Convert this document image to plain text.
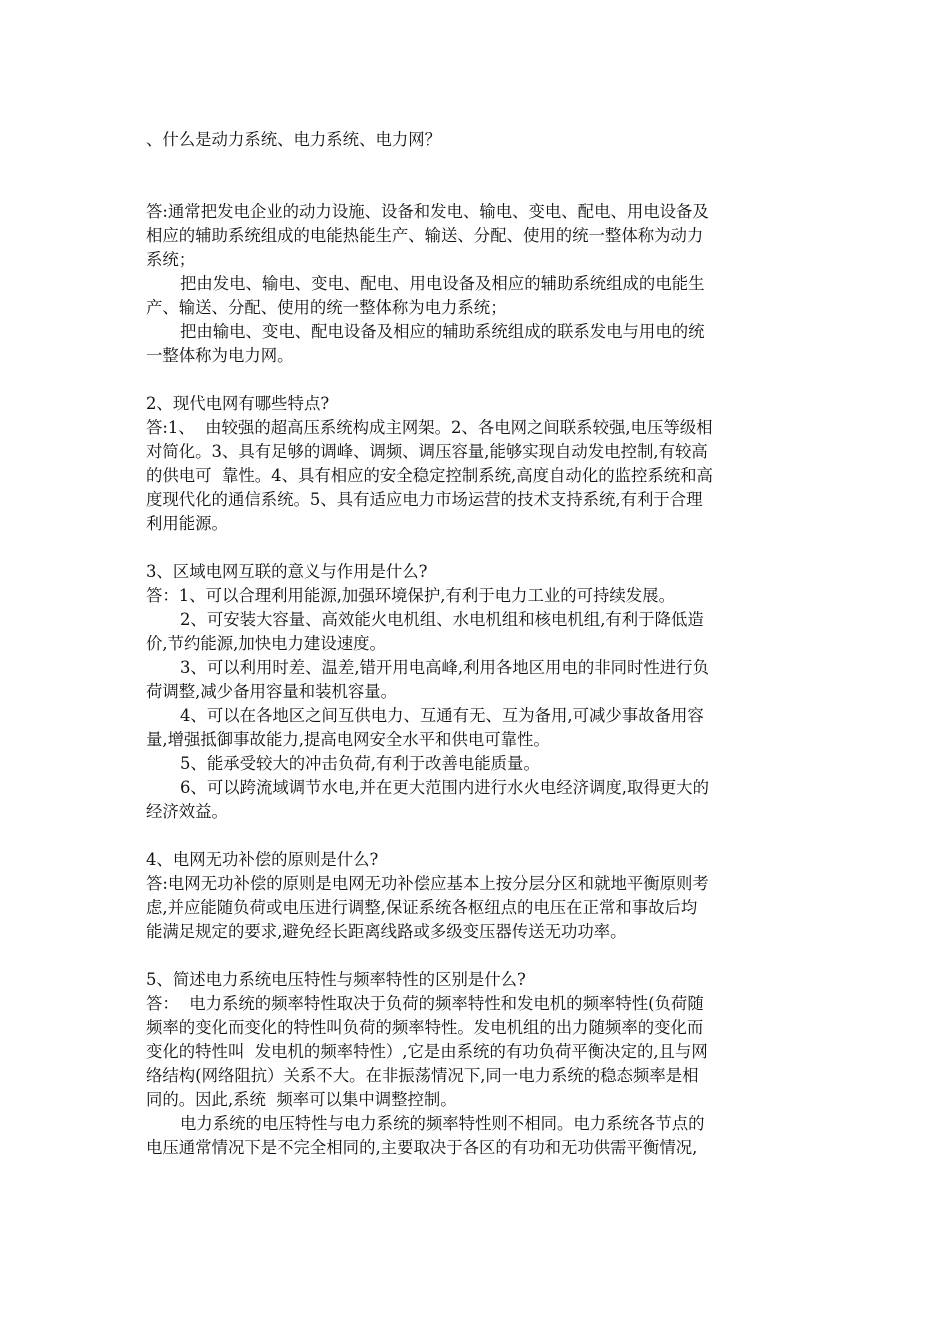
、什么是动力系统、电力系统、电力网？

答:通常把发电企业的动力设施、设备和发电、输电、变电、配电、用电设备及

相应的辅助系统组成的电能热能生产、输送、分配、使用的统一整体称为动力

系统；

把由发电、输电、变电、配电、用电设备及相应的辅助系统组成的电能生

产、输送、分配、使用的统一整体称为电力系统；

把由输电、变电、配电设备及相应的辅助系统组成的联系发电与用电的统

一整体称为电力网。

2、现代电网有哪些特点?

答:1、  由较强的超高压系统构成主网架。2、各电网之间联系较强,电压等级相

对简化。3、具有足够的调峰、调频、调压容量,能够实现自动发电控制,有较高

的供电可  靠性。4、具有相应的安全稳定控制系统,高度自动化的监控系统和高

度现代化的通信系统。5、具有适应电力市场运营的技术支持系统,有利于合理

利用能源。

3、区域电网互联的意义与作用是什么?

答：1、可以合理利用能源,加强环境保护,有利于电力工业的可持续发展。

2、可安装大容量、高效能火电机组、水电机组和核电机组,有利于降低造

价,节约能源,加快电力建设速度。

3、可以利用时差、温差,错开用电高峰,利用各地区用电的非同时性进行负

荷调整,减少备用容量和装机容量。

4、可以在各地区之间互供电力、互通有无、互为备用,可减少事故备用容

量,增强抵御事故能力,提高电网安全水平和供电可靠性。

5、能承受较大的冲击负荷,有利于改善电能质量。

6、可以跨流域调节水电,并在更大范围内进行水火电经济调度,取得更大的

经济效益。

4、电网无功补偿的原则是什么?

答:电网无功补偿的原则是电网无功补偿应基本上按分层分区和就地平衡原则考

虑,并应能随负荷或电压进行调整,保证系统各枢纽点的电压在正常和事故后均

能满足规定的要求,避免经长距离线路或多级变压器传送无功功率。

5、简述电力系统电压特性与频率特性的区别是什么?

答：  电力系统的频率特性取决于负荷的频率特性和发电机的频率特性(负荷随

频率的变化而变化的特性叫负荷的频率特性。发电机组的出力随频率的变化而

变化的特性叫  发电机的频率特性）,它是由系统的有功负荷平衡决定的,且与网

络结构(网络阻抗）关系不大。在非振荡情况下,同一电力系统的稳态频率是相

同的。因此,系统  频率可以集中调整控制。

电力系统的电压特性与电力系统的频率特性则不相同。电力系统各节点的

电压通常情况下是不完全相同的,主要取决于各区的有功和无功供需平衡情况,
